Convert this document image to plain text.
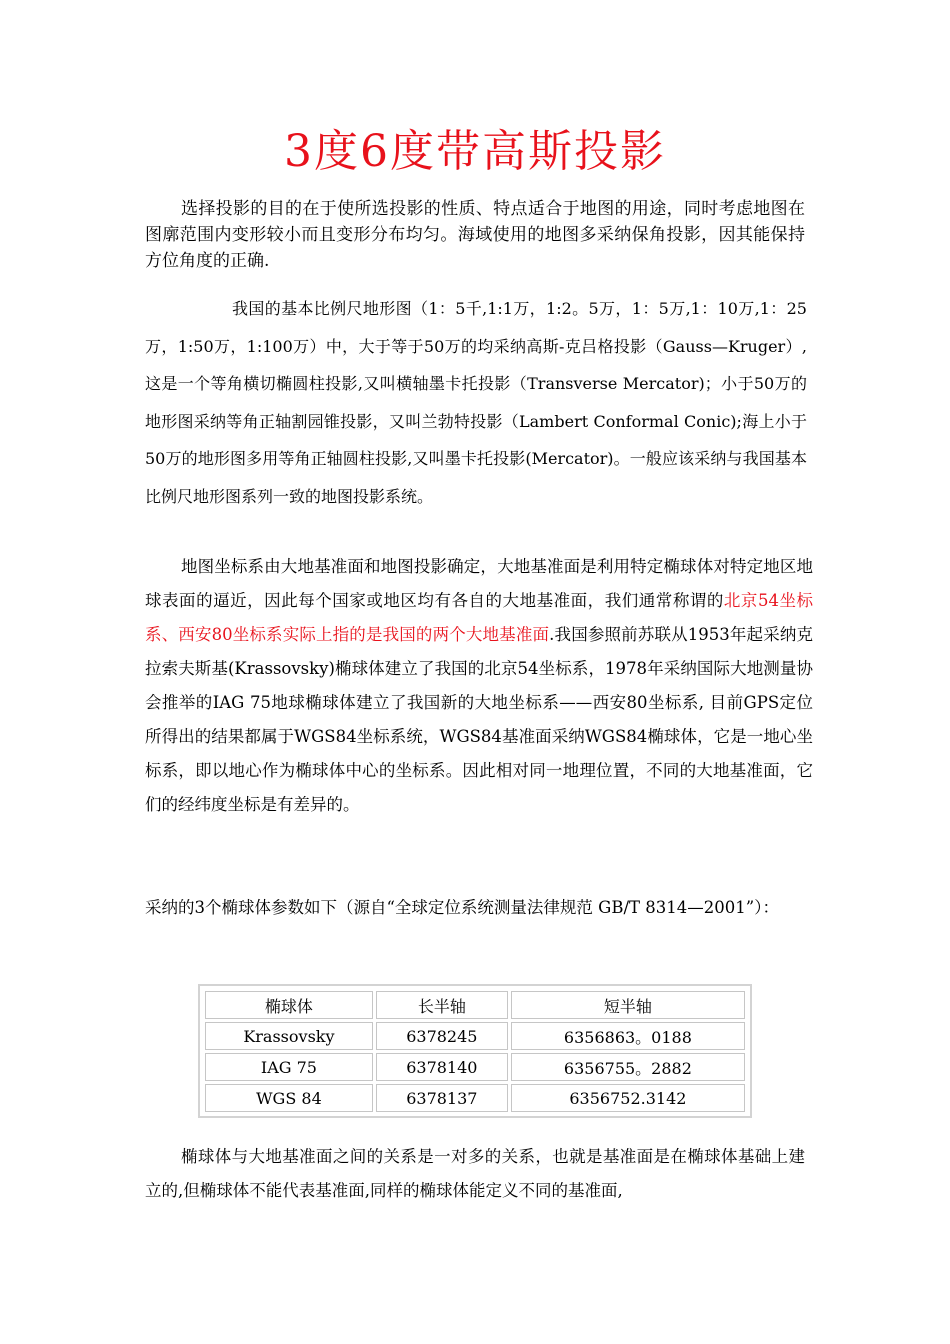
3度6度带高斯投影

选择投影的目的在于使所选投影的性质、特点适合于地图的用途，同时考虑地图在图廓范围内变形较小而且变形分布均匀。海域使用的地图多采纳保角投影，因其能保持方位角度的正确.

我国的基本比例尺地形图（1：5千,1:1万，1:2。5万，1：5万,1：10万,1：25万，1:50万，1:100万）中，大于等于50万的均采纳高斯-克吕格投影（Gauss—Kruger）,这是一个等角横切椭圆柱投影,又叫横轴墨卡托投影（Transverse Mercator)；小于50万的地形图采纳等角正轴割园锥投影，又叫兰勃特投影（Lambert Conformal Conic);海上小于50万的地形图多用等角正轴圆柱投影,又叫墨卡托投影(Mercator)。一般应该采纳与我国基本比例尺地形图系列一致的地图投影系统。

地图坐标系由大地基准面和地图投影确定，大地基准面是利用特定椭球体对特定地区地球表面的逼近，因此每个国家或地区均有各自的大地基准面，我们通常称谓的北京54坐标系、西安80坐标系实际上指的是我国的两个大地基准面.我国参照前苏联从1953年起采纳克拉索夫斯基(Krassovsky)椭球体建立了我国的北京54坐标系，1978年采纳国际大地测量协会推举的IAG 75地球椭球体建立了我国新的大地坐标系——西安80坐标系, 目前GPS定位所得出的结果都属于WGS84坐标系统，WGS84基准面采纳WGS84椭球体，它是一地心坐标系，即以地心作为椭球体中心的坐标系。因此相对同一地理位置，不同的大地基准面，它们的经纬度坐标是有差异的。

采纳的3个椭球体参数如下（源自“全球定位系统测量法律规范 GB/T 8314—2001”）：

椭球体	长半轴	短半轴
Krassovsky	6378245	6356863。0188
IAG 75	6378140	6356755。2882
WGS 84	6378137	6356752.3142

椭球体与大地基准面之间的关系是一对多的关系，也就是基准面是在椭球体基础上建立的,但椭球体不能代表基准面,同样的椭球体能定义不同的基准面,
